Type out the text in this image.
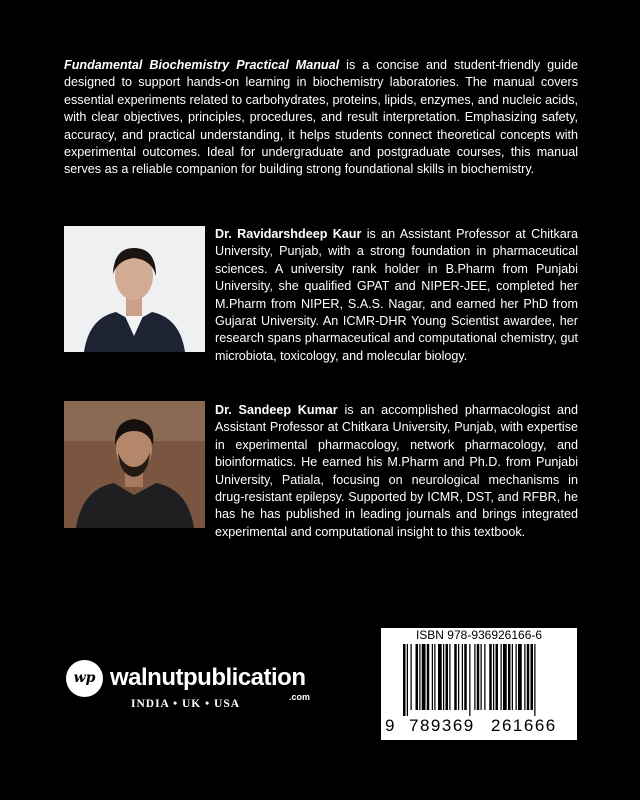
Fundamental Biochemistry Practical Manual is a concise and student-friendly guide designed to support hands-on learning in biochemistry laboratories. The manual covers essential experiments related to carbohydrates, proteins, lipids, enzymes, and nucleic acids, with clear objectives, principles, procedures, and result interpretation. Emphasizing safety, accuracy, and practical understanding, it helps students connect theoretical concepts with experimental outcomes. Ideal for undergraduate and postgraduate courses, this manual serves as a reliable companion for building strong foundational skills in biochemistry.
Dr. Ravidarshdeep Kaur is an Assistant Professor at Chitkara University, Punjab, with a strong foundation in pharmaceutical sciences. A university rank holder in B.Pharm from Punjabi University, she qualified GPAT and NIPER-JEE, completed her M.Pharm from NIPER, S.A.S. Nagar, and earned her PhD from Gujarat University. An ICMR-DHR Young Scientist awardee, her research spans pharmaceutical and computational chemistry, gut microbiota, toxicology, and molecular biology.
Dr. Sandeep Kumar is an accomplished pharmacologist and Assistant Professor at Chitkara University, Punjab, with expertise in experimental pharmacology, network pharmacology, and bioinformatics. He earned his M.Pharm and Ph.D. from Punjabi University, Patiala, focusing on neurological mechanisms in drug-resistant epilepsy. Supported by ICMR, DST, and RFBR, he has he has published in leading journals and brings integrated experimental and computational insight to this textbook.
wp walnutpublication
.com
INDIA • UK • USA
ISBN 978-936926166-6
9 789369 261666
